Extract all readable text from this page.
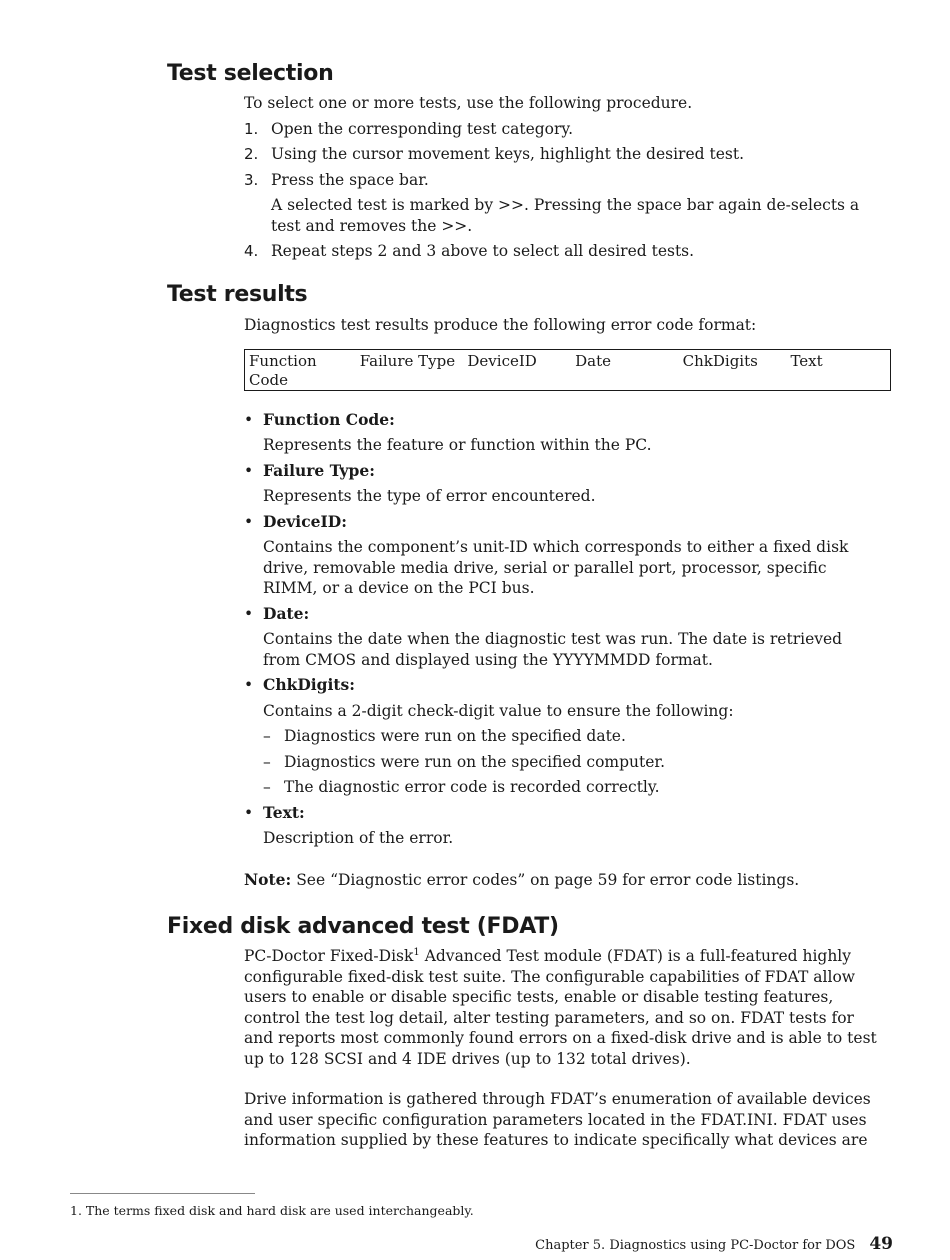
Test selection

To select one or more tests, use the following procedure.

1. Open the corresponding test category.
2. Using the cursor movement keys, highlight the desired test.
3. Press the space bar.

A selected test is marked by >>. Pressing the space bar again de-selects a test and removes the >>.

4. Repeat steps 2 and 3 above to select all desired tests.
Test results

Diagnostics test results produce the following error code format:

Function Code	Failure Type	DeviceID	Date	ChkDigits	Text
• Function Code:
Represents the feature or function within the PC.
• Failure Type:
Represents the type of error encountered.
• DeviceID:
Contains the component’s unit-ID which corresponds to either a fixed disk drive, removable media drive, serial or parallel port, processor, specific RIMM, or a device on the PCI bus.
• Date:
Contains the date when the diagnostic test was run. The date is retrieved from CMOS and displayed using the YYYYMMDD format.
• ChkDigits:
Contains a 2-digit check-digit value to ensure the following:
– Diagnostics were run on the specified date.
– Diagnostics were run on the specified computer.
– The diagnostic error code is recorded correctly.
• Text:
Description of the error.

Note: See “Diagnostic error codes” on page 59 for error code listings.

Fixed disk advanced test (FDAT)

PC-Doctor Fixed-Disk$^1$ Advanced Test module (FDAT) is a full-featured highly configurable fixed-disk test suite. The configurable capabilities of FDAT allow users to enable or disable specific tests, enable or disable testing features, control the test log detail, alter testing parameters, and so on. FDAT tests for and reports most commonly found errors on a fixed-disk drive and is able to test up to 128 SCSI and 4 IDE drives (up to 132 total drives).

Drive information is gathered through FDAT’s enumeration of available devices and user specific configuration parameters located in the FDAT.INI. FDAT uses information supplied by these features to indicate specifically what devices are

1. The terms fixed disk and hard disk are used interchangeably.
Chapter 5. Diagnostics using PC-Doctor for DOS 49
